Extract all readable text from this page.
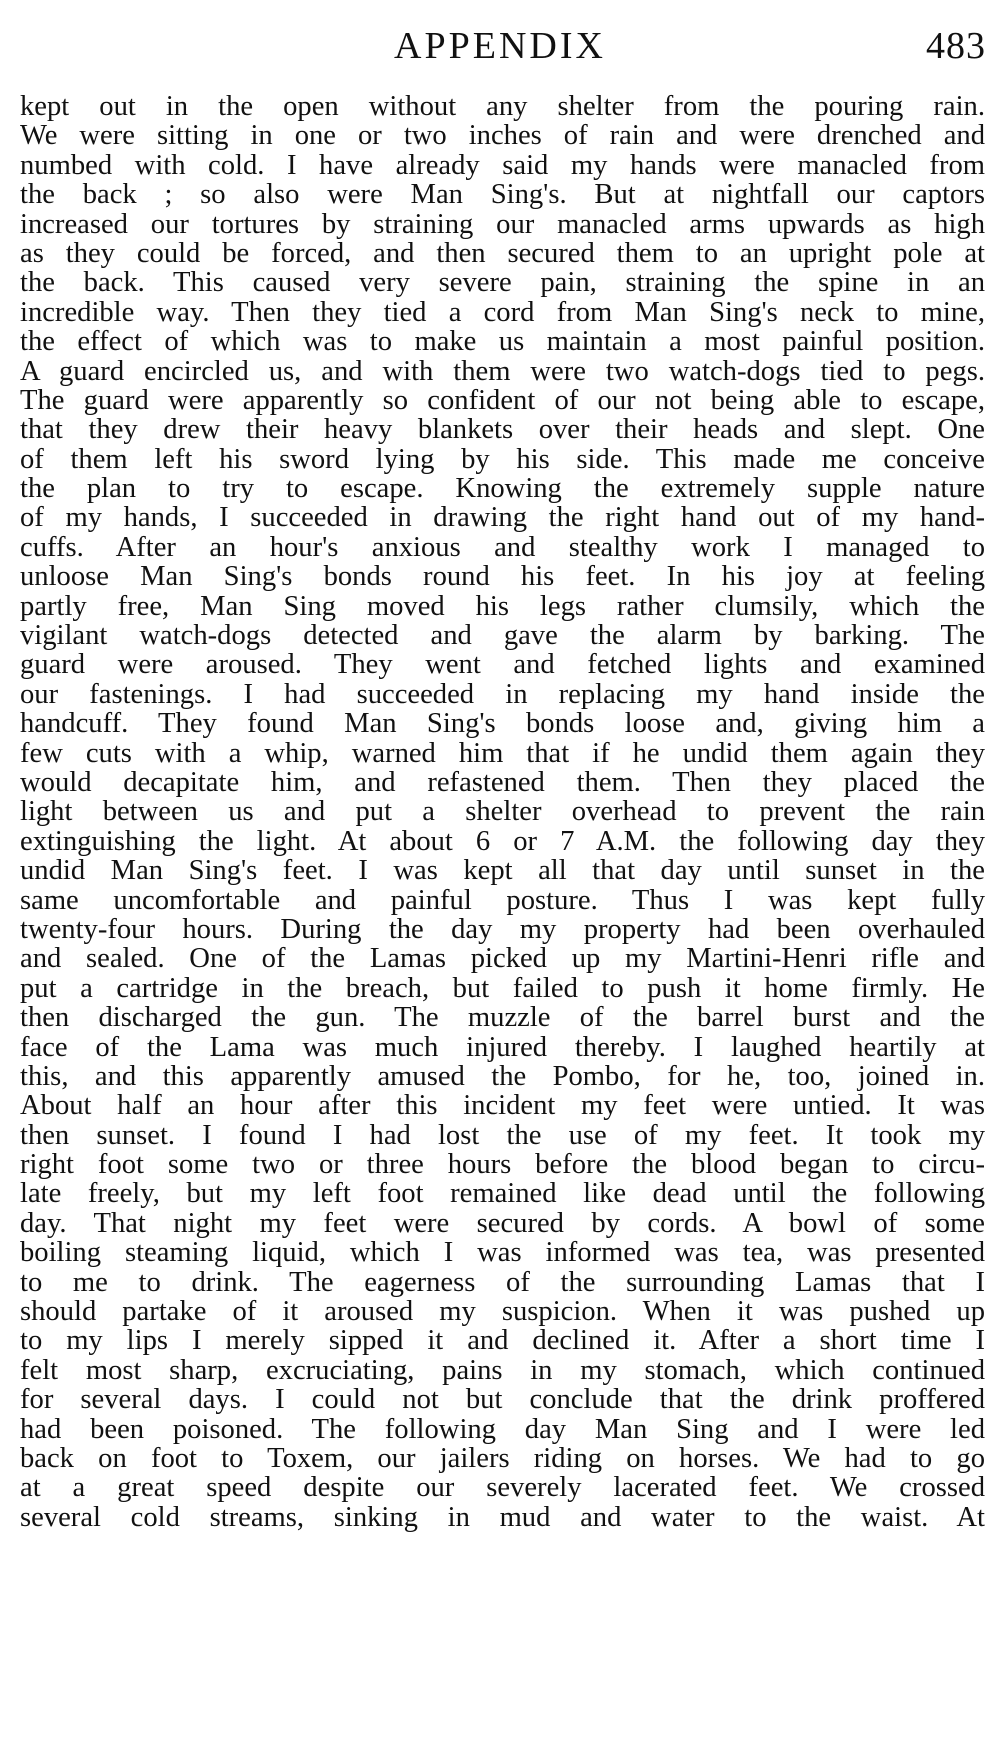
APPENDIX	483
kept out in the open without any shelter from the pouring rain.
We were sitting in one or two inches of rain and were drenched and
numbed with cold. I have already said my hands were manacled from
the back ; so also were Man Sing's. But at nightfall our captors
increased our tortures by straining our manacled arms upwards as high
as they could be forced, and then secured them to an upright pole at
the back. This caused very severe pain, straining the spine in an
incredible way. Then they tied a cord from Man Sing's neck to mine,
the effect of which was to make us maintain a most painful position.
A guard encircled us, and with them were two watch-dogs tied to pegs.
The guard were apparently so confident of our not being able to escape,
that they drew their heavy blankets over their heads and slept. One
of them left his sword lying by his side. This made me conceive
the plan to try to escape. Knowing the extremely supple nature
of my hands, I succeeded in drawing the right hand out of my hand-
cuffs. After an hour's anxious and stealthy work I managed to
unloose Man Sing's bonds round his feet. In his joy at feeling
partly free, Man Sing moved his legs rather clumsily, which the
vigilant watch-dogs detected and gave the alarm by barking. The
guard were aroused. They went and fetched lights and examined
our fastenings. I had succeeded in replacing my hand inside the
handcuff. They found Man Sing's bonds loose and, giving him a
few cuts with a whip, warned him that if he undid them again they
would decapitate him, and refastened them. Then they placed the
light between us and put a shelter overhead to prevent the rain
extinguishing the light. At about 6 or 7 A.M. the following day they
undid Man Sing's feet. I was kept all that day until sunset in the
same uncomfortable and painful posture. Thus I was kept fully
twenty-four hours. During the day my property had been overhauled
and sealed. One of the Lamas picked up my Martini-Henri rifle and
put a cartridge in the breach, but failed to push it home firmly. He
then discharged the gun. The muzzle of the barrel burst and the
face of the Lama was much injured thereby. I laughed heartily at
this, and this apparently amused the Pombo, for he, too, joined in.
About half an hour after this incident my feet were untied. It was
then sunset. I found I had lost the use of my feet. It took my
right foot some two or three hours before the blood began to circu-
late freely, but my left foot remained like dead until the following
day. That night my feet were secured by cords. A bowl of some
boiling steaming liquid, which I was informed was tea, was presented
to me to drink. The eagerness of the surrounding Lamas that I
should partake of it aroused my suspicion. When it was pushed up
to my lips I merely sipped it and declined it. After a short time I
felt most sharp, excruciating, pains in my stomach, which continued
for several days. I could not but conclude that the drink proffered
had been poisoned. The following day Man Sing and I were led
back on foot to Toxem, our jailers riding on horses. We had to go
at a great speed despite our severely lacerated feet. We crossed
several cold streams, sinking in mud and water to the waist. At
